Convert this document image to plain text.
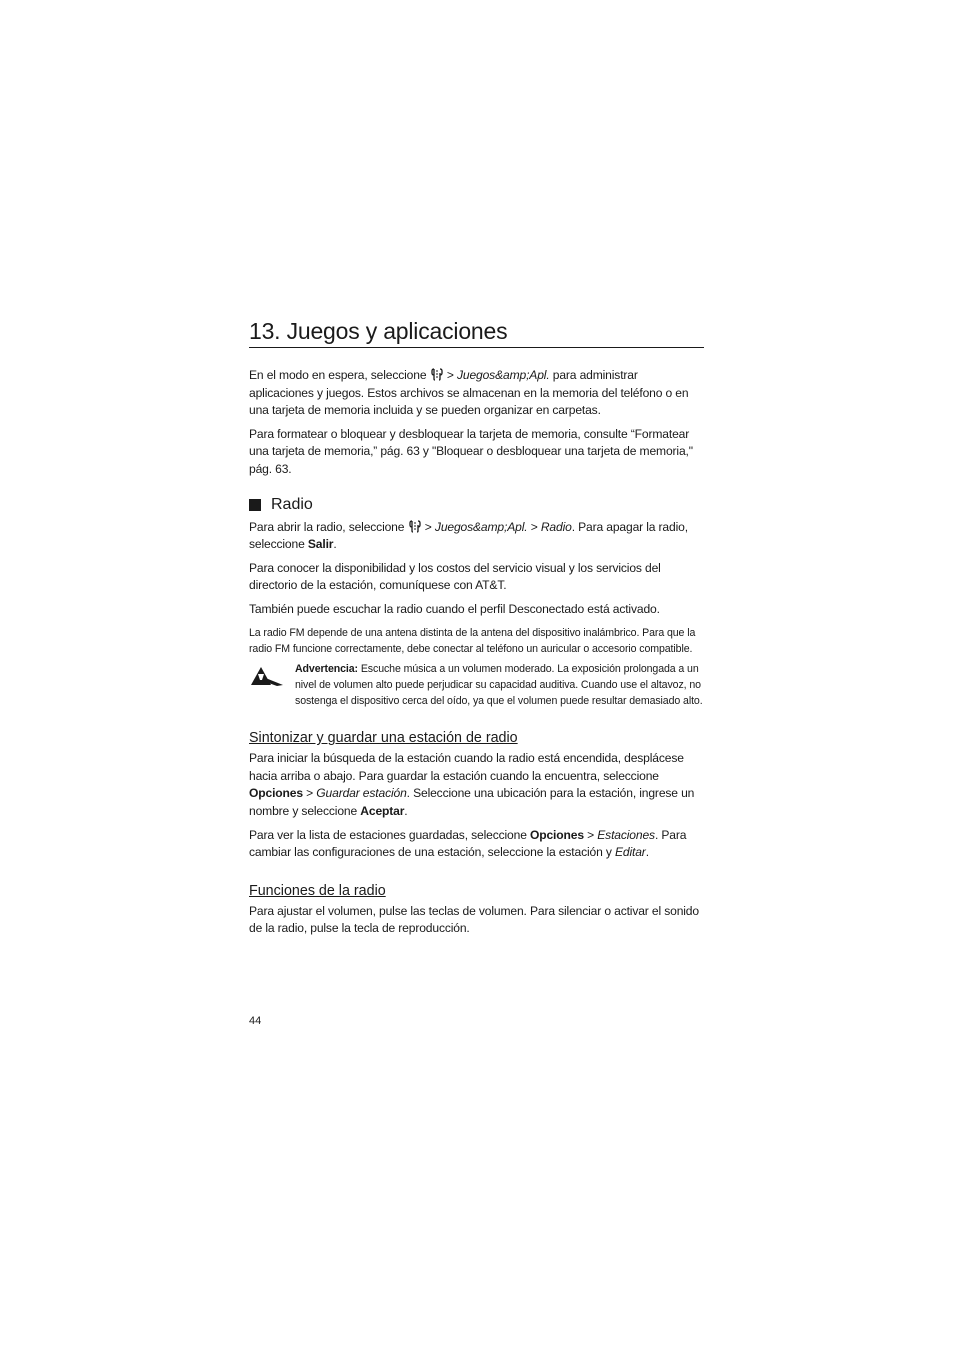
13. Juegos y aplicaciones

En el modo en espera, seleccione > Juegos&amp;Apl. para administrar aplicaciones y juegos. Estos archivos se almacenan en la memoria del teléfono o en una tarjeta de memoria incluida y se pueden organizar en carpetas.

Para formatear o bloquear y desbloquear la tarjeta de memoria, consulte “Formatear una tarjeta de memoria,” pág. 63 y "Bloquear o desbloquear una tarjeta de memoria," pág. 63.

Radio

Para abrir la radio, seleccione > Juegos&amp;Apl. > Radio. Para apagar la radio, seleccione Salir.

Para conocer la disponibilidad y los costos del servicio visual y los servicios del directorio de la estación, comuníquese con AT&T.

También puede escuchar la radio cuando el perfil Desconectado está activado.

La radio FM depende de una antena distinta de la antena del dispositivo inalámbrico. Para que la radio FM funcione correctamente, debe conectar al teléfono un auricular o accesorio compatible.

Advertencia: Escuche música a un volumen moderado. La exposición prolongada a un nivel de volumen alto puede perjudicar su capacidad auditiva. Cuando use el altavoz, no sostenga el dispositivo cerca del oído, ya que el volumen puede resultar demasiado alto.

Sintonizar y guardar una estación de radio

Para iniciar la búsqueda de la estación cuando la radio está encendida, desplácese hacia arriba o abajo. Para guardar la estación cuando la encuentra, seleccione Opciones > Guardar estación. Seleccione una ubicación para la estación, ingrese un nombre y seleccione Aceptar.

Para ver la lista de estaciones guardadas, seleccione Opciones > Estaciones. Para cambiar las configuraciones de una estación, seleccione la estación y Editar.

Funciones de la radio

Para ajustar el volumen, pulse las teclas de volumen. Para silenciar o activar el sonido de la radio, pulse la tecla de reproducción.

44
